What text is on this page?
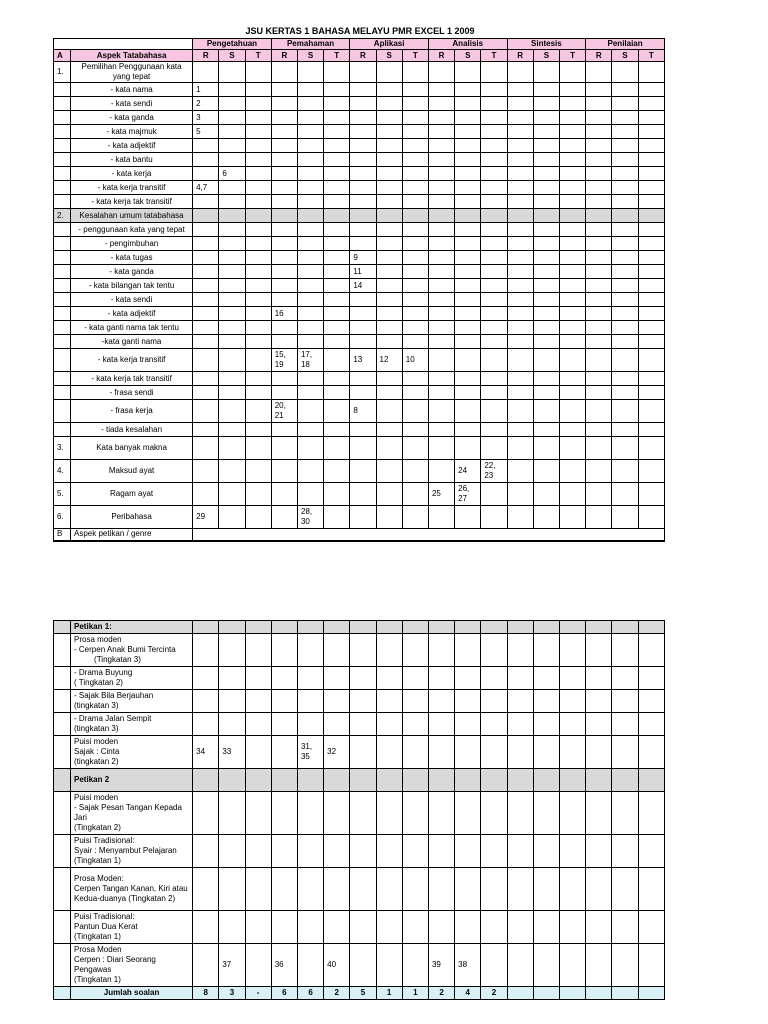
JSU KERTAS 1 BAHASA MELAYU PMR EXCEL 1 2009
		Pengetahuan			Pemahaman			Aplikasi			Analisis			Sintesis			Penilaian		
A	Aspek Tatabahasa	R	S	T	R	S	T	R	S	T	R	S	T	R	S	T	R	S	T
1.	Pemilihan Penggunaan kata yang tepat																		
	- kata nama	1																	
	- kata sendi	2																	
	- kata ganda	3																	
	- kata majmuk	5																	
	- kata adjektif																		
	- kata bantu																		
	- kata kerja		6																
	- kata kerja transitif	4,7																	
	- kata kerja tak transitif																		
2.	Kesalahan umum tatabahasa																		
	- penggunaan kata yang tepat																		
	- pengimbuhan																		
	- kata tugas							9											
	- kata ganda							11											
	- kata bilangan tak tentu							14											
	- kata sendi																		
	- kata adjektif				16														
	- kata ganti nama tak tentu																		
	-kata ganti nama																		
	- kata kerja transitif				15, 19	17, 18		13	12	10									
	- kata kerja tak transitif																		
	- frasa sendi																		
	- frasa kerja				20, 21			8											
	- tiada kesalahan																		
3.	Kata banyak makna																		
4.	Maksud ayat											24	22, 23						
5.	Ragam ayat										25	26, 27							
6.	Peribahasa	29				28, 30													
B	Aspek petikan / genre																		

	Petikan 1:																		

	Prosa moden
- Cerpen Anak Bumi Tercinta
(Tingkatan 3)																		

	- Drama Buyung
( Tingkatan 2)																		

	- Sajak Bila Berjauhan
(tingkatan 3)																		

	- Drama Jalan Sempit
(tingkatan 3)																		

	Puisi moden
Sajak : Cinta
(tingkatan 2)	34	33			31, 35	32												

	Petikan 2																		

	Puisi moden
- Sajak Pesan Tangan Kepada Jari
(Tingkatan 2)																		

	Puisi Tradisional:
Syair : Menyambut Pelajaran
(Tingkatan 1)																		

	Prosa Moden:
Cerpen Tangan Kanan, Kiri atau Kedua-duanya (Tingkatan 2)																		

	Puisi Tradisional:
Pantun Dua Kerat
(Tingkatan 1)																		

	Prosa Moden
Cerpen : Diari Seorang Pengawas
(Tingkatan 1)		37		36		40				39	38							
	Jumlah soalan	8	3	-	6	6	2	5	1	1	2	4	2						
